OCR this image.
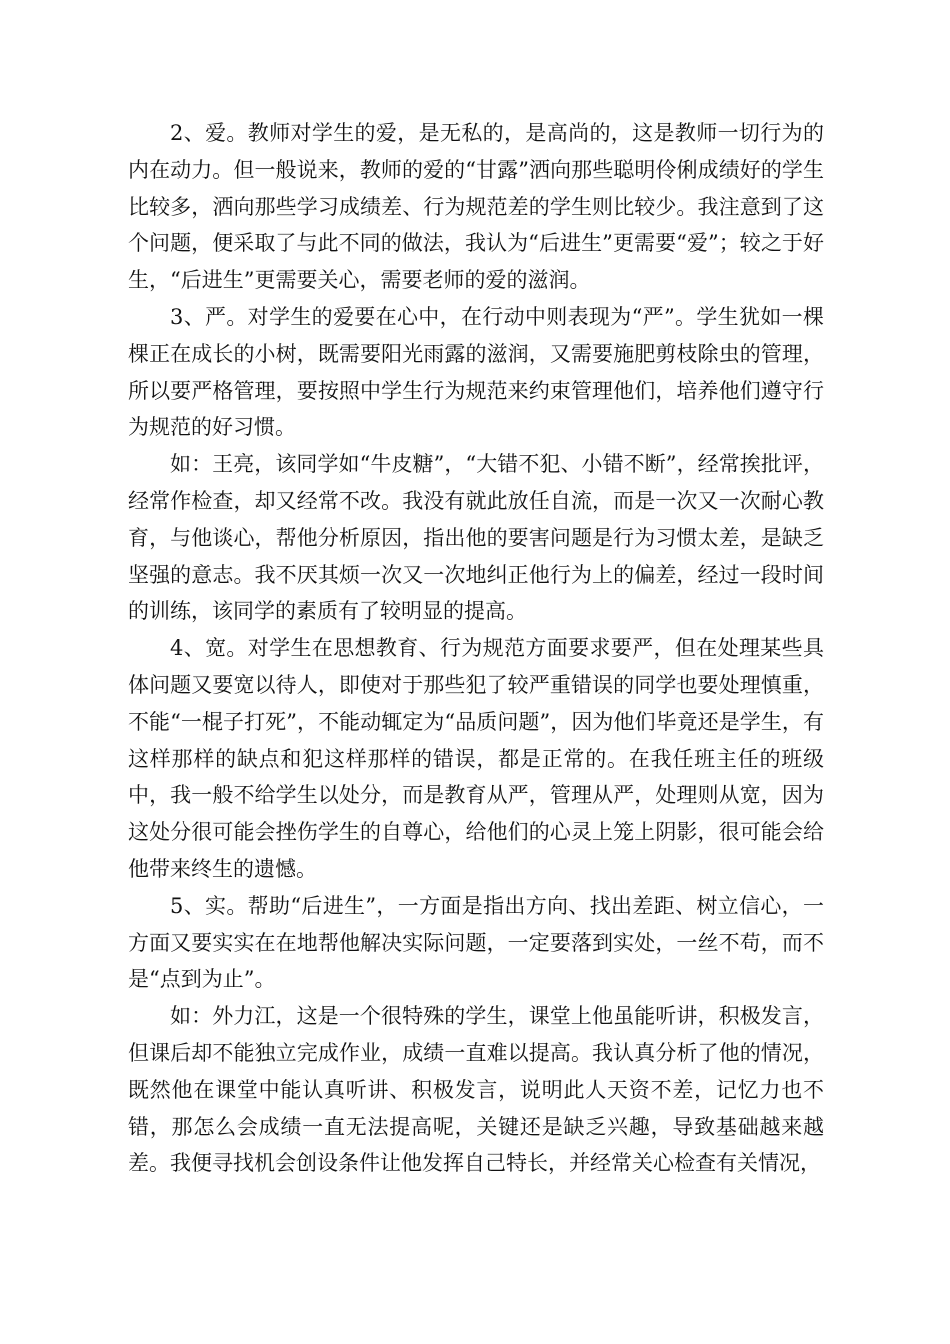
2、爱。教师对学生的爱，是无私的，是高尚的，这是教师一切行为的内在动力。但一般说来，教师的爱的“甘露”洒向那些聪明伶俐成绩好的学生比较多，洒向那些学习成绩差、行为规范差的学生则比较少。我注意到了这个问题，便采取了与此不同的做法，我认为“后进生”更需要“爱”；较之于好生，“后进生”更需要关心，需要老师的爱的滋润。

3、严。对学生的爱要在心中，在行动中则表现为“严”。学生犹如一棵棵正在成长的小树，既需要阳光雨露的滋润，又需要施肥剪枝除虫的管理，所以要严格管理，要按照中学生行为规范来约束管理他们，培养他们遵守行为规范的好习惯。

如：王亮，该同学如“牛皮糖”，“大错不犯、小错不断”，经常挨批评，经常作检查，却又经常不改。我没有就此放任自流，而是一次又一次耐心教育，与他谈心，帮他分析原因，指出他的要害问题是行为习惯太差，是缺乏坚强的意志。我不厌其烦一次又一次地纠正他行为上的偏差，经过一段时间的训练，该同学的素质有了较明显的提高。

4、宽。对学生在思想教育、行为规范方面要求要严，但在处理某些具体问题又要宽以待人，即使对于那些犯了较严重错误的同学也要处理慎重，不能“一棍子打死”，不能动辄定为“品质问题”，因为他们毕竟还是学生，有这样那样的缺点和犯这样那样的错误，都是正常的。在我任班主任的班级中，我一般不给学生以处分，而是教育从严，管理从严，处理则从宽，因为这处分很可能会挫伤学生的自尊心，给他们的心灵上笼上阴影，很可能会给他带来终生的遗憾。

5、实。帮助“后进生”，一方面是指出方向、找出差距、树立信心，一方面又要实实在在地帮他解决实际问题，一定要落到实处，一丝不苟，而不是“点到为止”。

如：外力江，这是一个很特殊的学生，课堂上他虽能听讲，积极发言，但课后却不能独立完成作业，成绩一直难以提高。我认真分析了他的情况，既然他在课堂中能认真听讲、积极发言，说明此人天资不差，记忆力也不错，那怎么会成绩一直无法提高呢，关键还是缺乏兴趣，导致基础越来越差。我便寻找机会创设条件让他发挥自己特长，并经常关心检查有关情况，
